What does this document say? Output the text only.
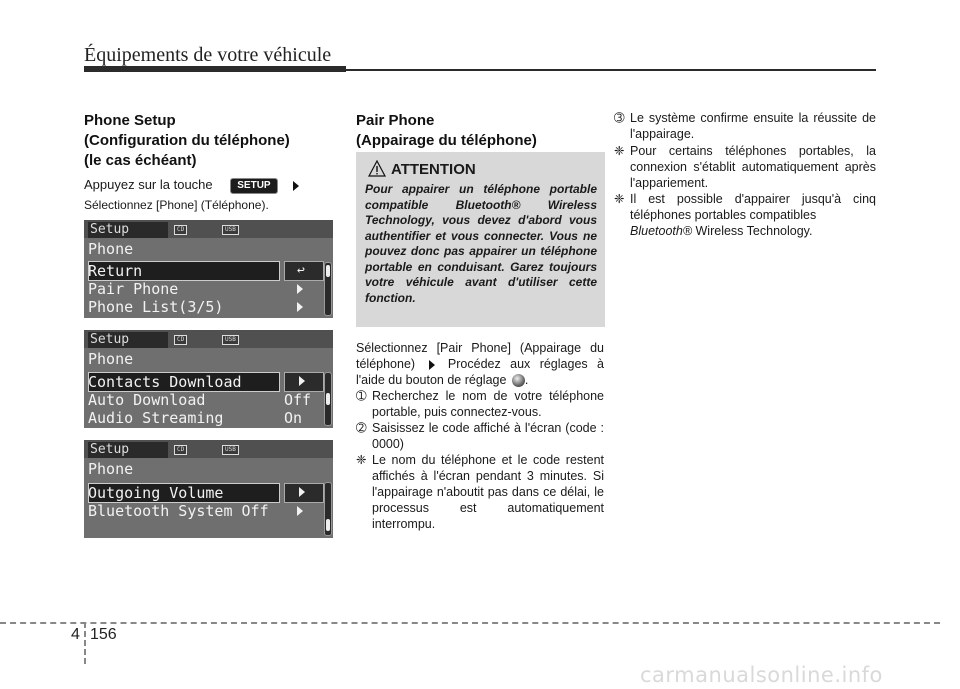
Équipements de votre véhicule
Phone Setup
(Configuration du téléphone)
(le cas échéant)
Appuyez sur la touche SETUP
Sélectionnez [Phone] (Téléphone).
Setup	CD	USB
Phone
↩
Return
Pair Phone
Phone List(3/5)
Setup	CD	USB
Phone
Contacts Download
Auto Download	Off
Audio Streaming	On
Setup	CD	USB
Phone
Outgoing Volume
Bluetooth System Off
Pair Phone
(Appairage du téléphone)
ATTENTION
Pour appairer un téléphone portable compatible Bluetooth® Wireless Technology, vous devez d'abord vous authentifier et vous connecter. Vous ne pouvez donc pas appairer un téléphone portable en conduisant. Garez toujours votre véhicule avant d'utiliser cette fonction.
Sélectionnez [Pair Phone] (Appairage du téléphone)	Procédez aux réglages à l'aide du bouton de réglage .
➀ Recherchez le nom de votre téléphone portable, puis connectez-vous.
➁ Saisissez le code affiché à l'écran (code : 0000)
❈ Le nom du téléphone et le code restent affichés à l'écran pendant 3 minutes. Si l'appairage n'aboutit pas dans ce délai, le processus est automatiquement interrompu.
➂ Le système confirme ensuite la réussite de l'appairage.
❈ Pour certains téléphones portables, la connexion s'établit automatiquement après l'appariement.
❈ Il est possible d'appairer jusqu'à cinq téléphones portables compatibles
Bluetooth® Wireless Technology.
4 156
carmanualsonline.info
